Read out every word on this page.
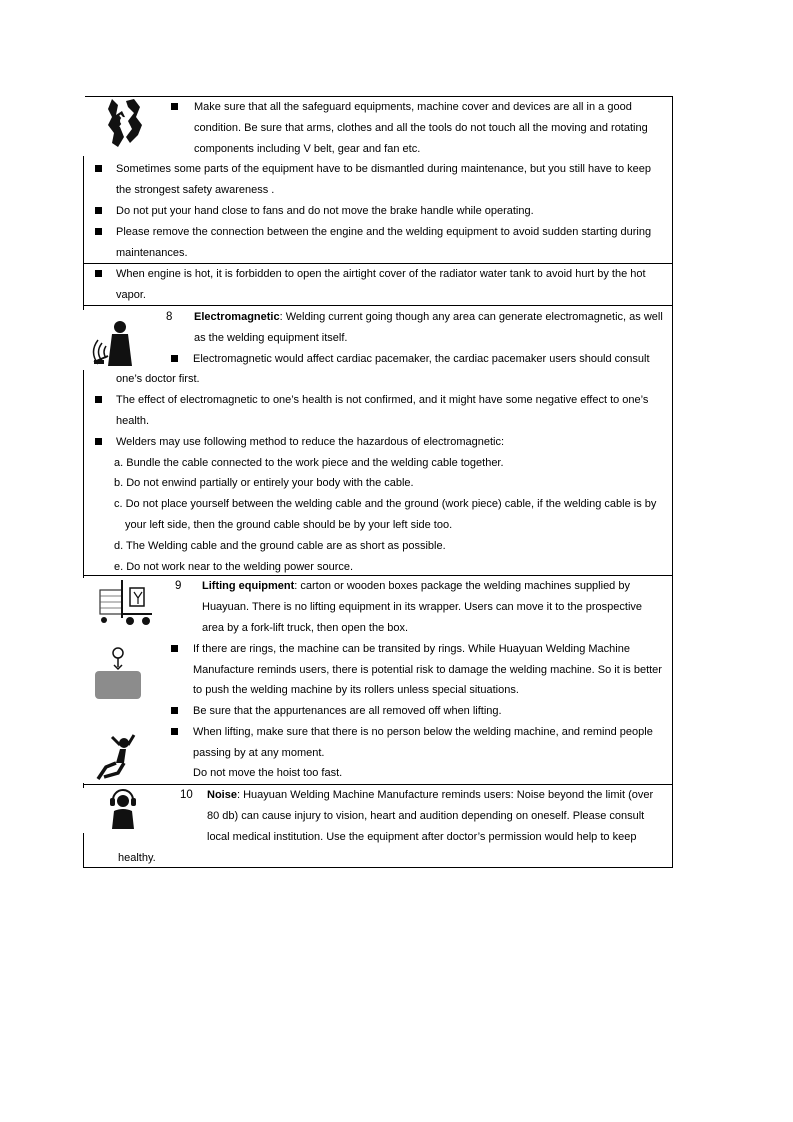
Make sure that all the safeguard equipments, machine cover and devices are all in a good
condition. Be sure that arms, clothes and all the tools do not touch all the moving and rotating
components including V belt, gear and fan etc.
Sometimes some parts of the equipment have to be dismantled during maintenance, but you still have to keep
the strongest safety awareness .
Do not put your hand close to fans and do not move the brake handle while operating.
Please remove the connection between the engine and the welding equipment to avoid sudden starting during
maintenances.
When engine is hot, it is forbidden to open the airtight cover of the radiator water tank to avoid hurt by the hot
vapor.
8 Electromagnetic: Welding current going though any area can generate electromagnetic, as well
as the welding equipment itself.
Electromagnetic would affect cardiac pacemaker, the cardiac pacemaker users should consult
one’s doctor first.
The effect of electromagnetic to one’s health is not confirmed, and it might have some negative effect to one’s
health.
Welders may use following method to reduce the hazardous of electromagnetic:
a. Bundle the cable connected to the work piece and the welding cable together.
b. Do not enwind partially or entirely your body with the cable.
c. Do not place yourself between the welding cable and the ground (work piece) cable, if the welding cable is by
your left side, then the ground cable should be by your left side too.
d. The Welding cable and the ground cable are as short as possible.
e. Do not work near to the welding power source.
9 Lifting equipment: carton or wooden boxes package the welding machines supplied by
Huayuan. There is no lifting equipment in its wrapper. Users can move it to the prospective
area by a fork-lift truck, then open the box.
If there are rings, the machine can be transited by rings. While Huayuan Welding Machine
Manufacture reminds users, there is potential risk to damage the welding machine. So it is better
to push the welding machine by its rollers unless special situations.
Be sure that the appurtenances are all removed off when lifting.
When lifting, make sure that there is no person below the welding machine, and remind people
passing by at any moment.
Do not move the hoist too fast.
10 Noise: Huayuan Welding Machine Manufacture reminds users: Noise beyond the limit (over
80 db) can cause injury to vision, heart and audition depending on oneself. Please consult
local medical institution. Use the equipment after doctor’s permission would help to keep
healthy.
